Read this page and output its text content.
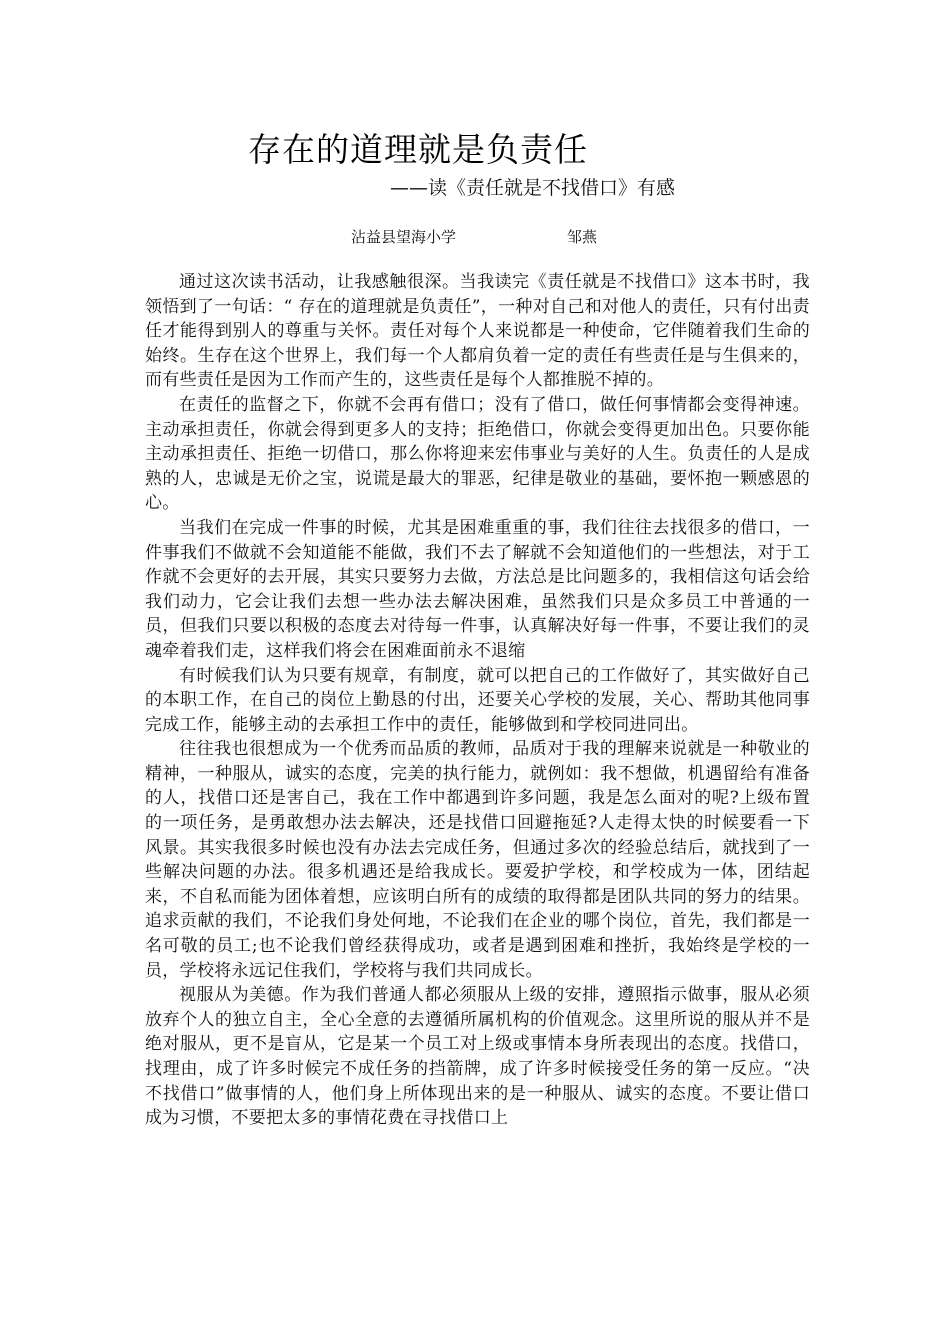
存在的道理就是负责任
——读《责任就是不找借口》有感
沾益县望海小学	邹燕

通过这次读书活动，让我感触很深。当我读完《责任就是不找借口》这本书时，我领悟到了一句话：“ 存在的道理就是负责任”，一种对自己和对他人的责任，只有付出责任才能得到别人的尊重与关怀。责任对每个人来说都是一种使命，它伴随着我们生命的始终。生存在这个世界上，我们每一个人都肩负着一定的责任有些责任是与生俱来的，而有些责任是因为工作而产生的，这些责任是每个人都推脱不掉的。

在责任的监督之下，你就不会再有借口；没有了借口，做任何事情都会变得神速。主动承担责任，你就会得到更多人的支持；拒绝借口，你就会变得更加出色。只要你能主动承担责任、拒绝一切借口，那么你将迎来宏伟事业与美好的人生。负责任的人是成熟的人，忠诚是无价之宝，说谎是最大的罪恶，纪律是敬业的基础，要怀抱一颗感恩的心。

当我们在完成一件事的时候，尤其是困难重重的事，我们往往去找很多的借口，一件事我们不做就不会知道能不能做，我们不去了解就不会知道他们的一些想法，对于工作就不会更好的去开展，其实只要努力去做，方法总是比问题多的，我相信这句话会给我们动力，它会让我们去想一些办法去解决困难，虽然我们只是众多员工中普通的一员，但我们只要以积极的态度去对待每一件事，认真解决好每一件事，不要让我们的灵魂牵着我们走，这样我们将会在困难面前永不退缩

有时候我们认为只要有规章，有制度，就可以把自己的工作做好了，其实做好自己的本职工作，在自己的岗位上勤恳的付出，还要关心学校的发展，关心、帮助其他同事完成工作，能够主动的去承担工作中的责任，能够做到和学校同进同出。

往往我也很想成为一个优秀而品质的教师，品质对于我的理解来说就是一种敬业的精神，一种服从，诚实的态度，完美的执行能力，就例如：我不想做，机遇留给有准备的人，找借口还是害自己，我在工作中都遇到许多问题，我是怎么面对的呢?上级布置的一项任务，是勇敢想办法去解决，还是找借口回避拖延?人走得太快的时候要看一下风景。其实我很多时候也没有办法去完成任务，但通过多次的经验总结后，就找到了一些解决问题的办法。很多机遇还是给我成长。要爱护学校，和学校成为一体，团结起来，不自私而能为团体着想，应该明白所有的成绩的取得都是团队共同的努力的结果。追求贡献的我们，不论我们身处何地，不论我们在企业的哪个岗位，首先，我们都是一名可敬的员工;也不论我们曾经获得成功，或者是遇到困难和挫折，我始终是学校的一员，学校将永远记住我们，学校将与我们共同成长。

视服从为美德。作为我们普通人都必须服从上级的安排，遵照指示做事，服从必须放弃个人的独立自主，全心全意的去遵循所属机构的价值观念。这里所说的服从并不是绝对服从，更不是盲从，它是某一个员工对上级或事情本身所表现出的态度。找借口，找理由，成了许多时候完不成任务的挡箭牌，成了许多时候接受任务的第一反应。“决不找借口”做事情的人，他们身上所体现出来的是一种服从、诚实的态度。不要让借口成为习惯，不要把太多的事情花费在寻找借口上
